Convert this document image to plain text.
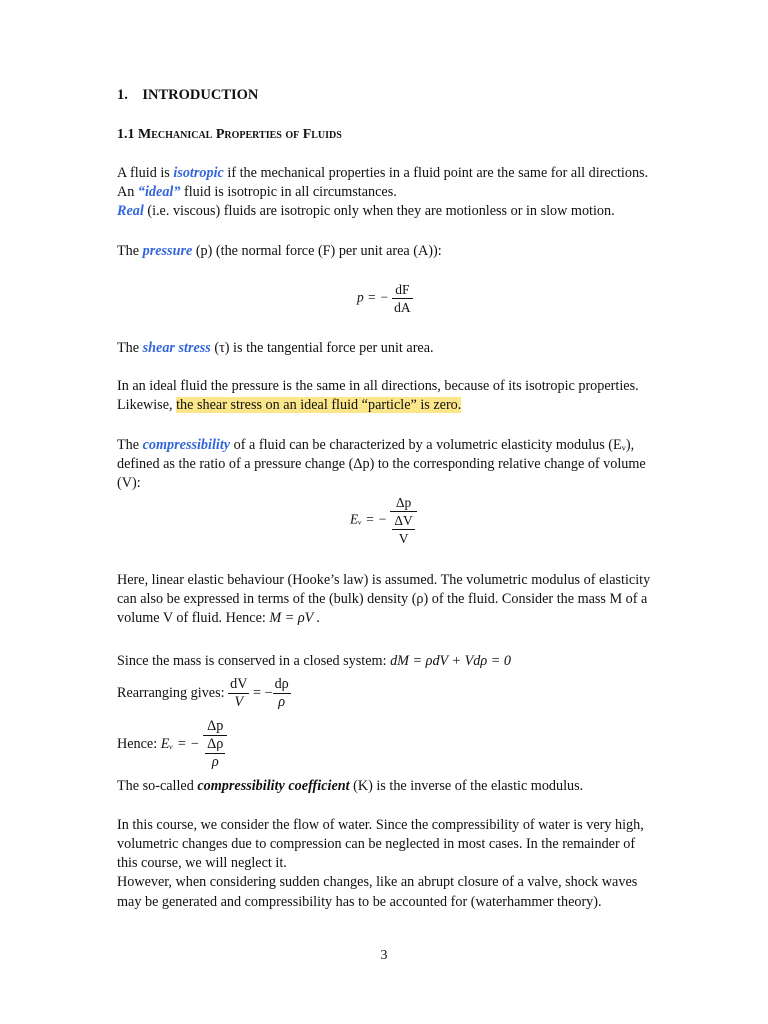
1. INTRODUCTION
1.1 Mechanical Properties of Fluids
A fluid is isotropic if the mechanical properties in a fluid point are the same for all directions.
An “ideal” fluid is isotropic in all circumstances.
Real (i.e. viscous) fluids are isotropic only when they are motionless or in slow motion.
The pressure (p) (the normal force (F) per unit area (A)):
p = − $\frac{dF}{dA}$
The shear stress (τ) is the tangential force per unit area.
In an ideal fluid the pressure is the same in all directions, because of its isotropic properties.
Likewise, the shear stress on an ideal fluid “particle” is zero.
The compressibility of a fluid can be characterized by a volumetric elasticity modulus (Eᵥ),
defined as the ratio of a pressure change (Δp) to the corresponding relative change of volume
(V):
Eᵥ = − $\frac{\Delta p}{\frac{\Delta V}{V}}$
Here, linear elastic behaviour (Hooke’s law) is assumed. The volumetric modulus of elasticity
can also be expressed in terms of the (bulk) density (ρ) of the fluid. Consider the mass M of a
volume V of fluid. Hence: M = ρV .
Since the mass is conserved in a closed system: dM = ρdV + Vdρ = 0
Rearranging gives: $\frac{dV}{V}$ = − $\frac{d\rho}{\rho}$
Hence: Eᵥ = − $\frac{\Delta p}{\frac{\Delta\rho}{\rho}}$
The so-called compressibility coefficient (K) is the inverse of the elastic modulus.
In this course, we consider the flow of water. Since the compressibility of water is very high,
volumetric changes due to compression can be neglected in most cases. In the remainder of
this course, we will neglect it.
However, when considering sudden changes, like an abrupt closure of a valve, shock waves
may be generated and compressibility has to be accounted for (waterhammer theory).
3
